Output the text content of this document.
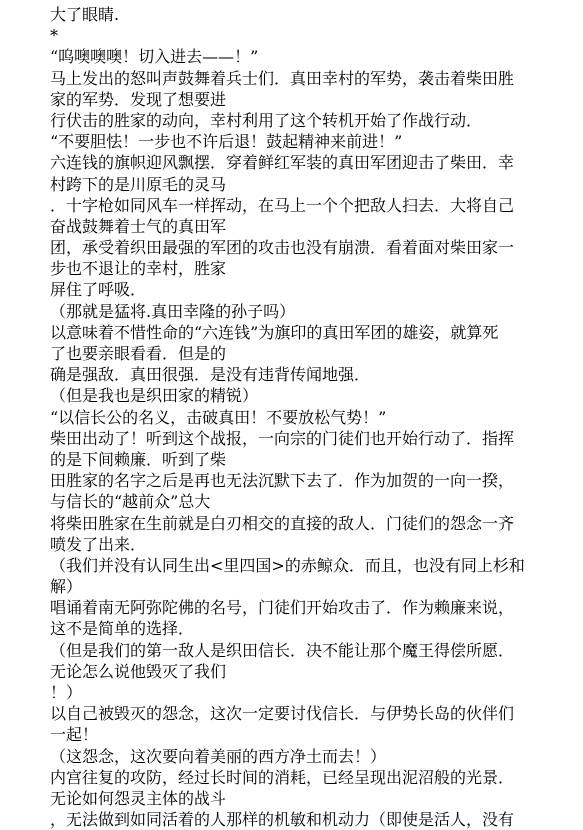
大了眼睛.
*
“呜噢噢噢！切入进去——！”
马上发出的怒叫声鼓舞着兵士们．真田幸村的军势，袭击着柴田胜
家的军势．发现了想要进
行伏击的胜家的动向，幸村利用了这个转机开始了作战行动．
“不要胆怯！一步也不许后退！鼓起精神来前进！”
六连钱的旗帜迎风飘摆．穿着鲜红军装的真田军团迎击了柴田．幸
村跨下的是川原毛的灵马
．十字枪如同风车一样挥动，在马上一个个把敌人扫去．大将自己
奋战鼓舞着士气的真田军
团，承受着织田最强的军团的攻击也没有崩溃．看着面对柴田家一
步也不退让的幸村，胜家
屏住了呼吸．
（那就是猛将.真田幸隆的孙子吗）
以意味着不惜性命的“六连钱”为旗印的真田军团的雄姿，就算死
了也要亲眼看看．但是的
确是强敌．真田很强．是没有违背传闻地强．
（但是我也是织田家的精锐）
“以信长公的名义，击破真田！不要放松气势！”
柴田出动了！听到这个战报，一向宗的门徒们也开始行动了．指挥
的是下间赖廉．听到了柴
田胜家的名字之后是再也无法沉默下去了．作为加贺的一向一揆，
与信长的“越前众”总大
将柴田胜家在生前就是白刃相交的直接的敌人．门徒们的怨念一齐
喷发了出来．
（我们并没有认同生出<里四国>的赤鲸众．而且，也没有同上杉和
解）
唱诵着南无阿弥陀佛的名号，门徒们开始攻击了．作为赖廉来说，
这不是简单的选择．
（但是我们的第一敌人是织田信长．决不能让那个魔王得偿所愿．
无论怎么说他毁灭了我们
！）
以自己被毁灭的怨念，这次一定要讨伐信长．与伊势长岛的伙伴们
一起！
（这怨念，这次要向着美丽的西方净土而去！）
内宫往复的攻防，经过长时间的消耗，已经呈现出泥沼般的光景．
无论如何怨灵主体的战斗
，无法做到如同活着的人那样的机敏和机动力（即使是活人，没有
